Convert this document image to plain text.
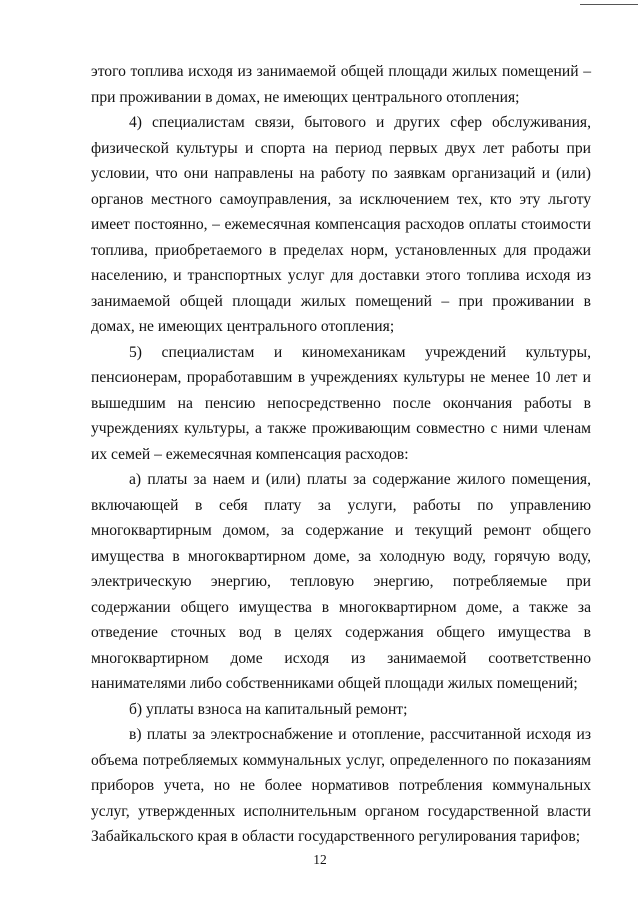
этого топлива исходя из занимаемой общей площади жилых помещений – при проживании в домах, не имеющих центрального отопления;

4) специалистам связи, бытового и других сфер обслуживания, физической культуры и спорта на период первых двух лет работы при условии, что они направлены на работу по заявкам организаций и (или) органов местного самоуправления, за исключением тех, кто эту льготу имеет постоянно, – ежемесячная компенсация расходов оплаты стоимости топлива, приобретаемого в пределах норм, установленных для продажи населению, и транспортных услуг для доставки этого топлива исходя из занимаемой общей площади жилых помещений – при проживании в домах, не имеющих центрального отопления;

5) специалистам и киномеханикам учреждений культуры, пенсионерам, проработавшим в учреждениях культуры не менее 10 лет и вышедшим на пенсию непосредственно после окончания работы в учреждениях культуры, а также проживающим совместно с ними членам их семей – ежемесячная компенсация расходов:

а) платы за наем и (или) платы за содержание жилого помещения, включающей в себя плату за услуги, работы по управлению многоквартирным домом, за содержание и текущий ремонт общего имущества в многоквартирном доме, за холодную воду, горячую воду, электрическую энергию, тепловую энергию, потребляемые при содержании общего имущества в многоквартирном доме, а также за отведение сточных вод в целях содержания общего имущества в многоквартирном доме исходя из занимаемой соответственно нанимателями либо собственниками общей площади жилых помещений;

б) уплаты взноса на капитальный ремонт;

в) платы за электроснабжение и отопление, рассчитанной исходя из объема потребляемых коммунальных услуг, определенного по показаниям приборов учета, но не более нормативов потребления коммунальных услуг, утвержденных исполнительным органом государственной власти Забайкальского края в области государственного регулирования тарифов;

12
